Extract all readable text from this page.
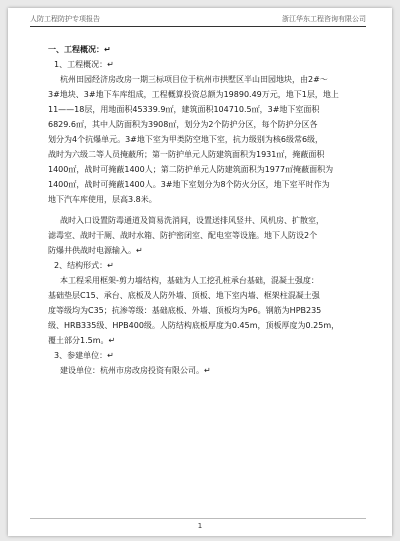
人防工程防护专项报告	浙江华东工程咨询有限公司
一、工程概况：↵
1、工程概况：↵
杭州田园经济房改房一期三标项目位于杭州市拱墅区半山田园地块，由2#～
3#地块、3#地下车库组成，工程概算投资总额为19890.49万元，地下1层，地上
11——18层，用地面积45339.9㎡，建筑面积104710.5㎡，3#地下室面积
6829.6㎡，其中人防面积为3908㎡，划分为2个防护分区，每个防护分区各
划分为4个抗爆单元。3#地下室为甲类防空地下室，抗力级别为核6级常6级，
战时为六级二等人员掩蔽所；第一防护单元人防建筑面积为1931㎡，掩蔽面积
1400㎡，战时可掩蔽1400人；第二防护单元人防建筑面积为1977㎡掩蔽面积为
1400㎡，战时可掩蔽1400人。3#地下室划分为8个防火分区，地下室平时作为
地下汽车库使用，层高3.8米。
战时入口设置防毒通道及简易洗消间，设置送排风竖井、风机房、扩散室，
滤毒室、战时干厕、战时水箱、防护密闭室、配电室等设施。地下人防设2个
防爆井供战时电源输入。↵
2、结构形式：↵
本工程采用框架-剪力墙结构，基础为人工挖孔桩承台基础，混凝土强度：
基础垫层C15、承台、底板及人防外墙、顶板、地下室内墙、框架柱混凝土强
度等级均为C35；抗渗等级：基础底板、外墙、顶板均为P6。钢筋为HPB235
级、HRB335级、HPB400级。人防结构底板厚度为0.45m，顶板厚度为0.25m，
覆土部分1.5m。↵
3、参建单位：↵
建设单位：杭州市房改房投资有限公司。↵
1
